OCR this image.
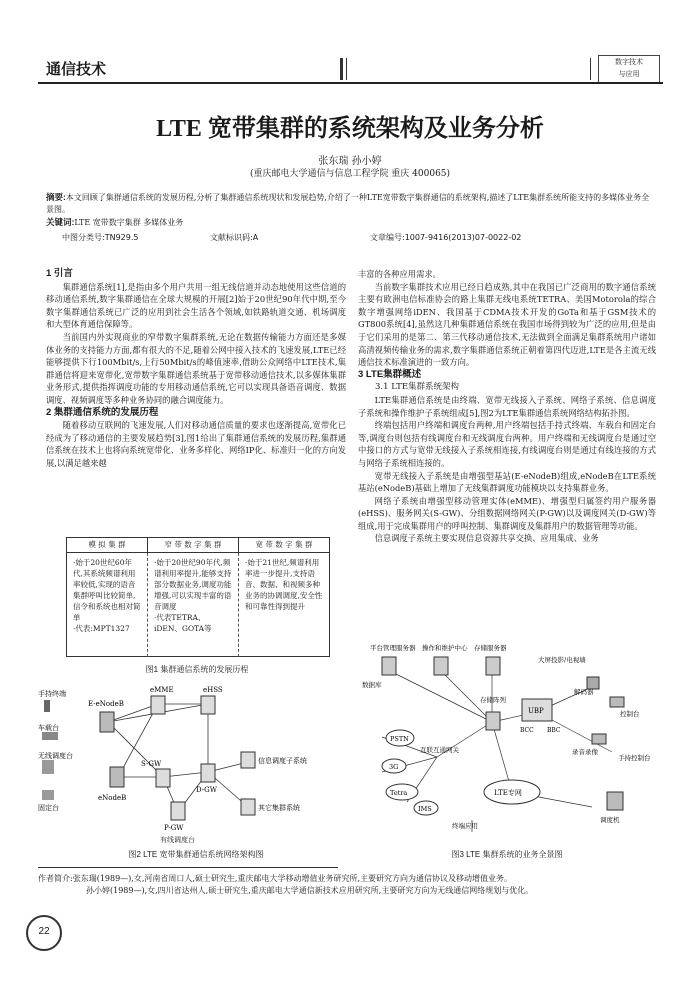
通信技术	数字技术
与应用
LTE 宽带集群的系统架构及业务分析
张东瑞 孙小婷
(重庆邮电大学通信与信息工程学院 重庆 400065)
摘要:本文回顾了集群通信系统的发展历程,分析了集群通信系统现状和发展趋势,介绍了一种LTE宽带数字集群通信的系统架构,描述了LTE集群系统所能支持的多媒体业务全景图。
关键词:LTE 宽带数字集群 多媒体业务
中图分类号:TN929.5	文献标识码:A	文章编号:1007-9416(2013)07-0022-02

1 引言

集群通信系统[1],是指由多个用户共用一组无线信道并动态地使用这些信道的移动通信系统,数字集群通信在全球大规模的开展[2]始于20世纪90年代中期,至今数字集群通信系统已广泛的应用到社会生活各个领域,如铁路轨道交通、机场调度和大型体育通信保障等。

当前国内外实现商业的窄带数字集群系统,无论在数据传输能力方面还是多媒体业务的支持能力方面,都有很大的不足,随着公网中接入技术的飞速发展,LTE已经能够提供下行100Mbit/s,上行50Mbit/s的峰值速率,借助公众网络中LTE技术,集群通信将迎来宽带化,宽带数字集群通信系统基于宽带移动通信技术,以多媒体集群业务形式,提供指挥调度功能的专用移动通信系统,它可以实现具备语音调度、数据调度、视频调度等多种业务协同的融合调度能力。

2 集群通信系统的发展历程

随着移动互联网的飞速发展,人们对移动通信质量的要求也逐渐提高,宽带化已经成为了移动通信的主要发展趋势[3],图1给出了集群通信系统的发展历程,集群通信系统在技术上也将向系统宽带化、业务多样化、网络IP化、标准归一化的方向发展,以满足越来越

模 拟 集 群	窄 带 数 字 集 群	宽 带 数 字 集 群
·始于20世纪60年代,其系统频谱利用率较低,实现的语音集群呼叫比较简单,信令和系统也相对简单
·代表:MPT1327
·始于20世纪90年代,频谱利用率提升,能够支持部分数据业务,调度功能增强,可以实现丰富的语音调度
·代表TETRA、iDEN、GOTA等
·始于21世纪,频谱利用率进一步提升,支持语音、数据、和视频多种业务的协调调度,安全性和可靠性得到提升
图1 集群通信系统的发展历程
手持终端
E-eNodeB
车载台
无线调度台
固定台
eNodeB
eMME	eHSS
S-GW
P-GW
D-GW
信息调度子系统
其它集群系统
有线调度台
图2 LTE 宽带集群通信系统网络架构图

丰富的各种应用需求。

当前数字集群技术应用已经日趋成熟,其中在我国已广泛商用的数字通信系统主要有欧洲电信标准协会的路上集群无线电系统TETRA、美国Motorola的综合数字增强网络iDEN、我国基于CDMA技术开发的GoTa和基于GSM技术的GT800系统[4],虽然这几种集群通信系统在我国市场得到较为广泛的应用,但是由于它们采用的是第二、第三代移动通信技术,无法做到全面满足集群系统用户诸如高清视频传输业务的需求,数字集群通信系统正朝着第四代迈进,LTE是各主流无线通信技术标准演进的一致方向。

3 LTE集群概述

3.1 LTE集群系统架构

LTE集群通信系统是由终端、宽带无线接入子系统、网络子系统、信息调度子系统和操作维护子系统组成[5],图2为LTE集群通信系统网络结构拓扑图。

终端包括用户终端和调度台两种,用户终端包括手持式终端、车载台和固定台等,调度台则包括有线调度台和无线调度台两种。用户终端和无线调度台是通过空中接口的方式与宽带无线接入子系统相连接,有线调度台则是通过有线连接的方式与网络子系统相连接的。

宽带无线接入子系统是由增强型基站(E-eNodeB)组成,eNodeB在LTE系统基站(eNodeB)基础上增加了无线集群调度功能模块以支持集群业务。

网络子系统由增强型移动管理实体(eMME)、增强型归属签约用户服务器(eHSS)、服务网关(S-GW)、分组数据网络网关(P-GW)以及调度网关(D-GW)等组成,用于完成集群用户的呼叫控制、集群调度及集群用户的数据管理等功能。

信息调度子系统主要实现信息资源共享交换、应用集成、业务

平台管理服务器 操作和维护中心 存储服务器
数据库
存储阵列
大屏投影/电视墙
解码器
控制台
PSTN
互联互通网关
3G
UBP
BCC BBC
录音录像
Tetra
IMS
LTE专网
调度机
手持控制台
终端应用
图3 LTE 集群系统的业务全景图
作者简介:张东瑞(1989—),女,河南省周口人,硕士研究生,重庆邮电大学移动增值业务研究所,主要研究方向为通信协议及移动增值业务。
孙小婷(1989—),女,四川省达州人,硕士研究生,重庆邮电大学通信新技术应用研究所,主要研究方向为无线通信网络规划与优化。
22
